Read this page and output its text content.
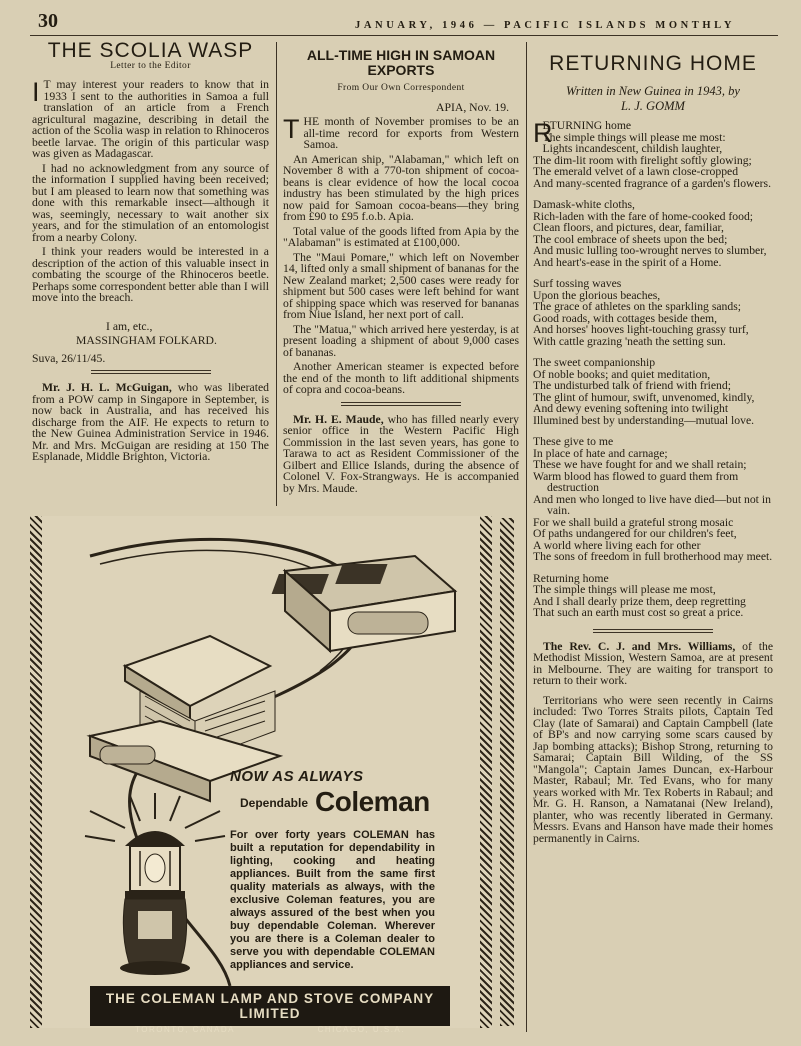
30	JANUARY, 1946 — PACIFIC ISLANDS MONTHLY
THE SCOLIA WASP
Letter to the Editor

I T may interest your readers to know that in 1933 I sent to the authorities in Samoa a full translation of an article from a French agricultural magazine, describing in detail the action of the Scolia wasp in relation to Rhinoceros beetle larvae. The origin of this particular wasp was given as Madagascar.

I had no acknowledgment from any source of the information I supplied having been received; but I am pleased to learn now that something was done with this remarkable insect—although it was, seemingly, necessary to wait another six years, and for the stimulation of an entomologist from a nearby Colony.

I think your readers would be interested in a description of the action of this valuable insect in combating the scourge of the Rhinoceros beetle. Perhaps some correspondent better able than I will move into the breach.

I am, etc.,

MASSINGHAM FOLKARD.

Suva, 26/11/45.

Mr. J. H. L. McGuigan, who was liberated from a POW camp in Singapore in September, is now back in Australia, and has received his discharge from the AIF. He expects to return to the New Guinea Administration Service in 1946. Mr. and Mrs. McGuigan are residing at 150 The Esplanade, Middle Brighton, Victoria.

ALL-TIME HIGH IN SAMOAN EXPORTS
From Our Own Correspondent

APIA, Nov. 19.

THE month of November promises to be an all-time record for exports from Western Samoa.

An American ship, "Alabaman," which left on November 8 with a 770-ton shipment of cocoa-beans is clear evidence of how the local cocoa industry has been stimulated by the high prices now paid for Samoan cocoa-beans—they bring from £90 to £95 f.o.b. Apia.

Total value of the goods lifted from Apia by the "Alabaman" is estimated at £100,000.

The "Maui Pomare," which left on November 14, lifted only a small shipment of bananas for the New Zealand market; 2,500 cases were ready for shipment but 500 cases were left behind for want of shipping space which was reserved for bananas from Niue Island, her next port of call.

The "Matua," which arrived here yesterday, is at present loading a shipment of about 9,000 cases of bananas.

Another American steamer is expected before the end of the month to lift additional shipments of copra and cocoa-beans.

Mr. H. E. Maude, who has filled nearly every senior office in the Western Pacific High Commission in the last seven years, has gone to Tarawa to act as Resident Commissioner of the Gilbert and Ellice Islands, during the absence of Colonel V. Fox-Strangways. He is accompanied by Mrs. Maude.

RETURNING HOME
Written in New Guinea in 1943, by
L. J. GOMM
R

ETURNING home

The simple things will please me most:

Lights incandescent, childish laughter,

The dim-lit room with firelight softly glowing;

The emerald velvet of a lawn close-cropped

And many-scented fragrance of a garden's flowers.

Damask-white cloths,

Rich-laden with the fare of home-cooked food;

Clean floors, and pictures, dear, familiar,

The cool embrace of sheets upon the bed;

And music lulling too-wrought nerves to slumber,

And heart's-ease in the spirit of a Home.

Surf tossing waves

Upon the glorious beaches,

The grace of athletes on the sparkling sands;

Good roads, with cottages beside them,

And horses' hooves light-touching grassy turf,

With cattle grazing 'neath the setting sun.

The sweet companionship

Of noble books; and quiet meditation,

The undisturbed talk of friend with friend;

The glint of humour, swift, unvenomed, kindly,

And dewy evening softening into twilight

Illumined best by understanding—mutual love.

These give to me

In place of hate and carnage;

These we have fought for and we shall retain;

Warm blood has flowed to guard them from destruction

And men who longed to live have died—but not in vain.

For we shall build a grateful strong mosaic

Of paths undangered for our children's feet,

A world where living each for other

The sons of freedom in full brotherhood may meet.

Returning home

The simple things will please me most,

And I shall dearly prize them, deep regretting

That such an earth must cost so great a price.

The Rev. C. J. and Mrs. Williams, of the Methodist Mission, Western Samoa, are at present in Melbourne. They are waiting for transport to return to their work.

Territorians who were seen recently in Cairns included: Two Torres Straits pilots, Captain Ted Clay (late of Samarai) and Captain Campbell (late of BP's and now carrying some scars caused by Jap bombing attacks); Bishop Strong, returning to Samarai; Captain Bill Wilding, of the SS "Mangola"; Captain James Duncan, ex-Harbour Master, Rabaul; Mr. Ted Evans, who for many years worked with Mr. Tex Roberts in Rabaul; and Mr. G. H. Ranson, a Namatanai (New Ireland), planter, who was recently liberated in Germany. Messrs. Evans and Hanson have made their homes permanently in Cairns.

NOW AS ALWAYS
Dependable Coleman
For over forty years COLEMAN has built a reputation for dependability in lighting, cooking and heating appliances. Built from the same first quality materials as always, with the exclusive Coleman features, you are always assured of the best when you buy dependable Coleman. Wherever you are there is a Coleman dealer to serve you with dependable COLEMAN appliances and service.
THE COLEMAN LAMP AND STOVE COMPANY LIMITED
TORONTO, CANADA	CHICAGO, U.S.A.
